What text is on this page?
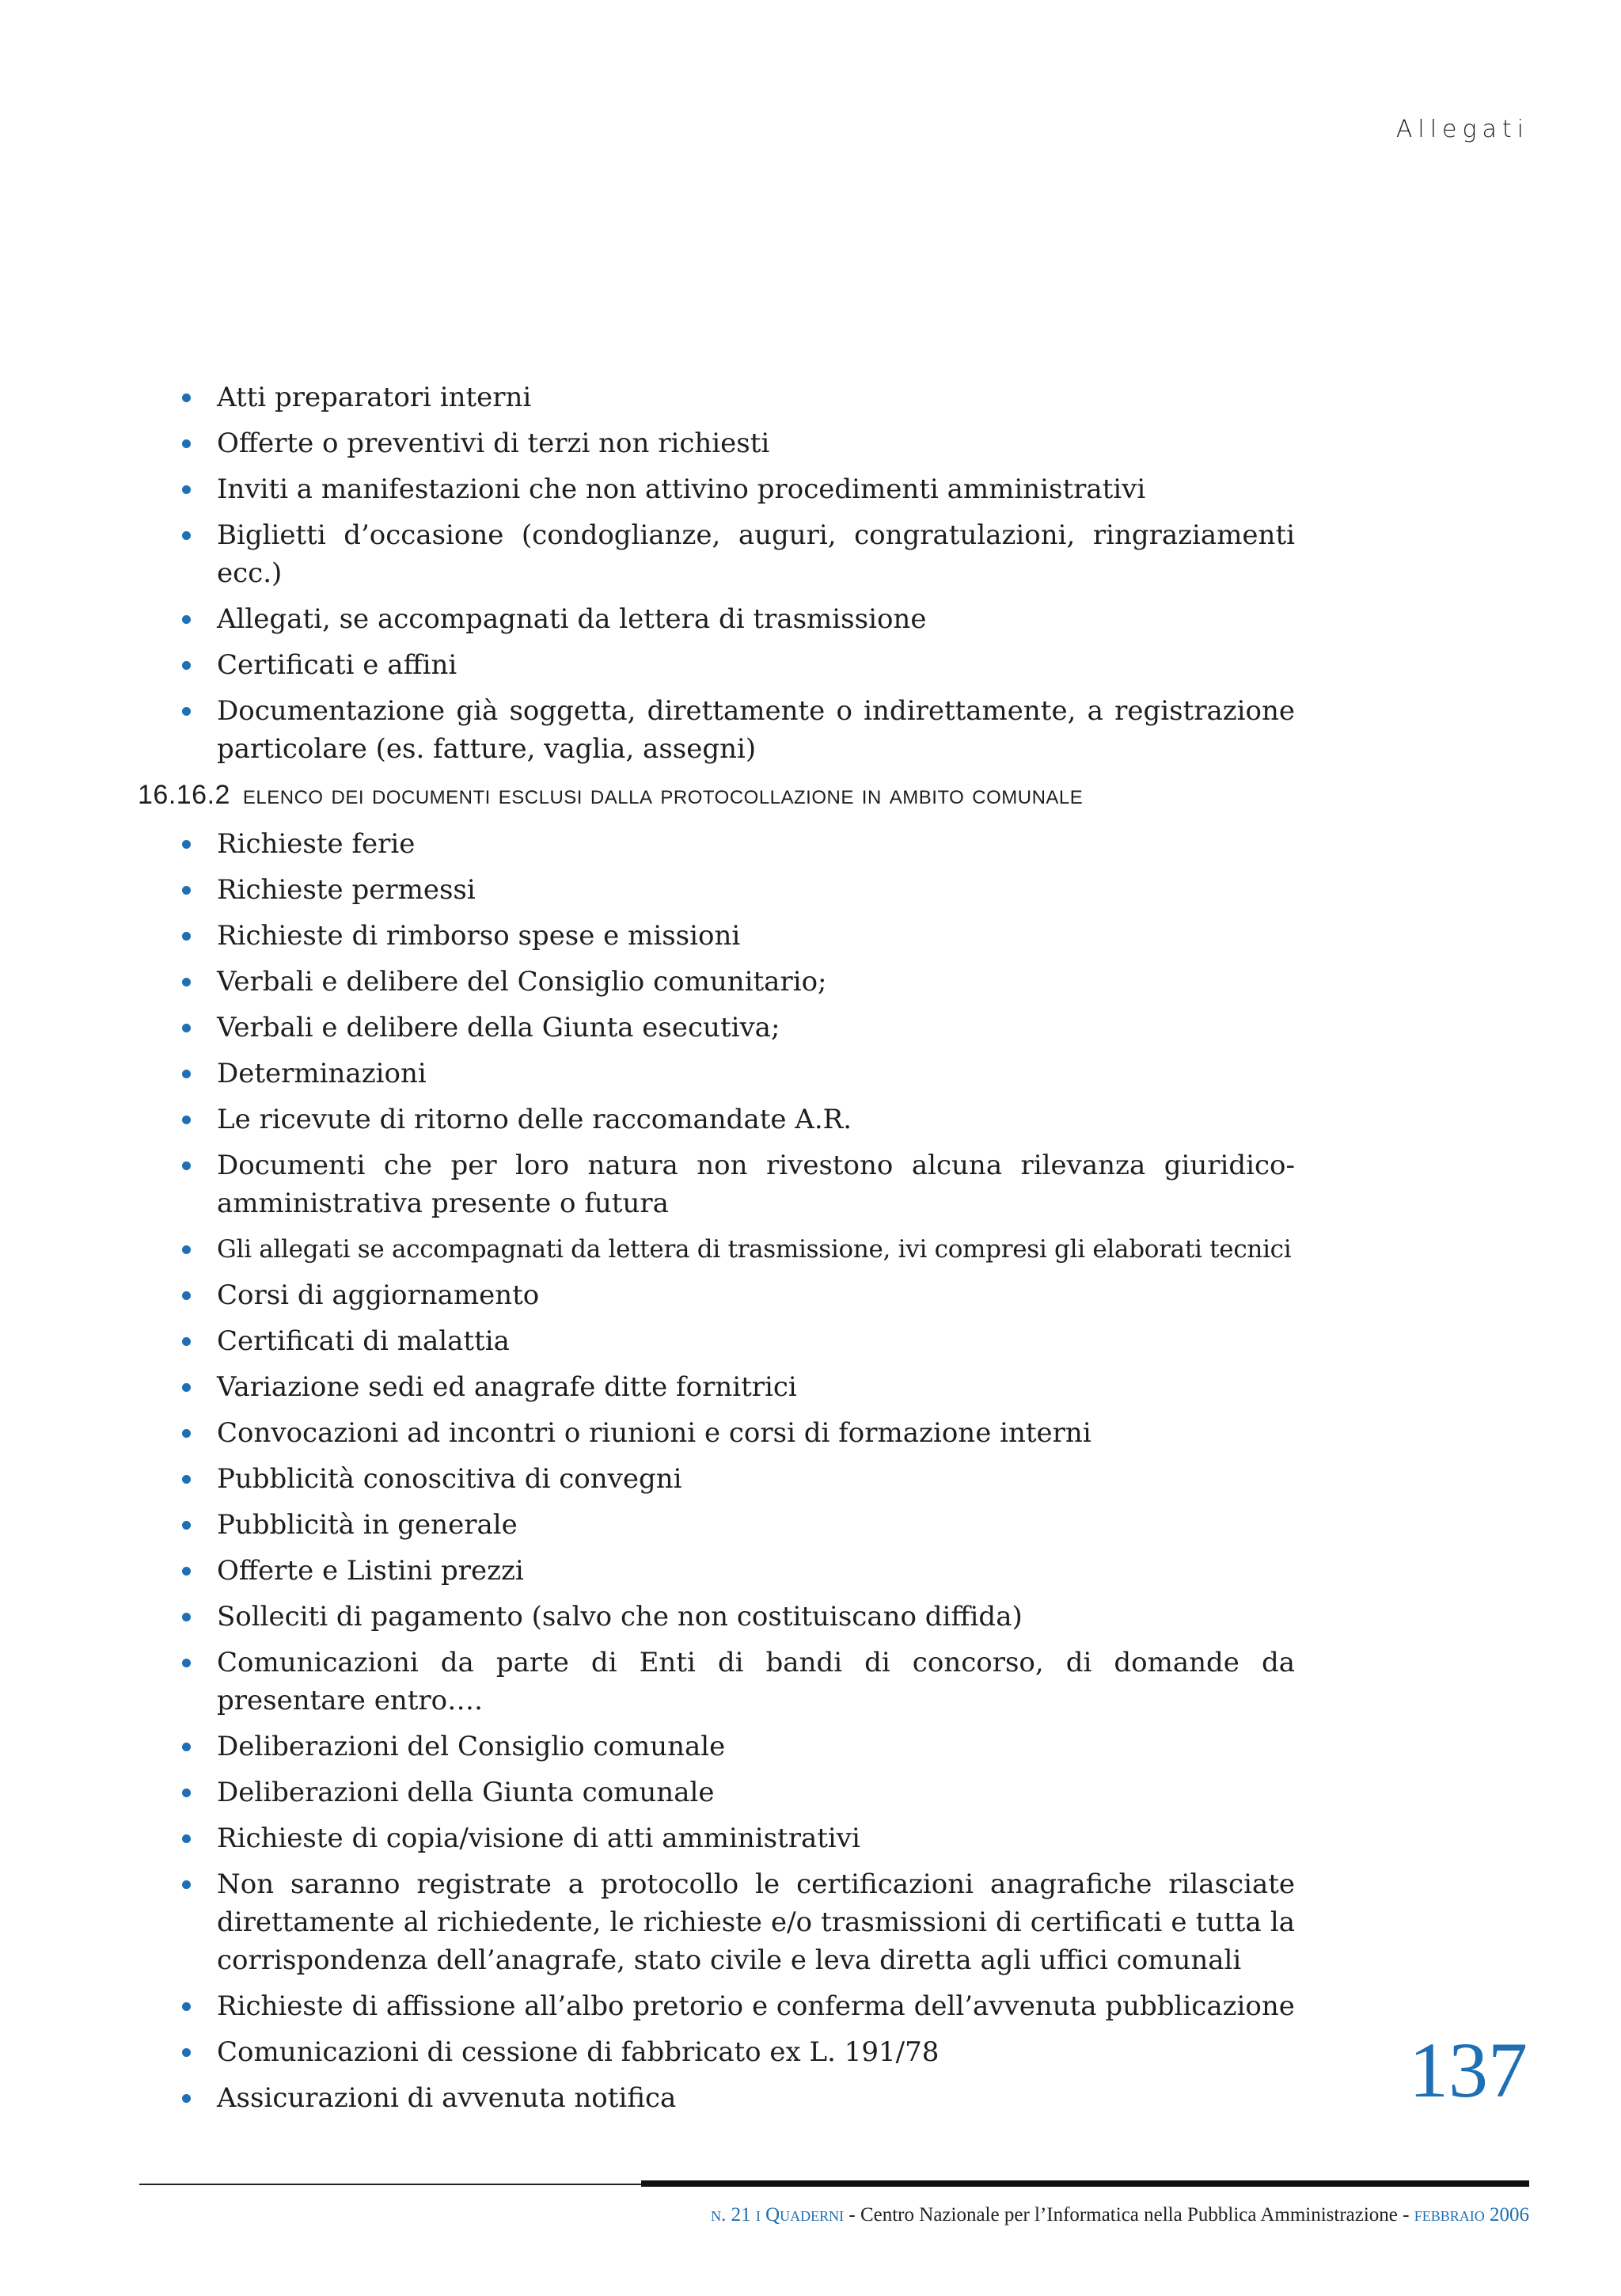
Allegati
Atti preparatori interni
Offerte o preventivi di terzi non richiesti
Inviti a manifestazioni che non attivino procedimenti amministrativi
Biglietti d’occasione (condoglianze, auguri, congratulazioni, ringraziamenti ecc.)
Allegati, se accompagnati da lettera di trasmissione
Certificati e affini
Documentazione già soggetta, direttamente o indirettamente, a registrazione particolare (es. fatture, vaglia, assegni)
16.16.2 elenco dei documenti esclusi dalla protocollazione in ambito comunale
Richieste ferie
Richieste permessi
Richieste di rimborso spese e missioni
Verbali e delibere del Consiglio comunitario;
Verbali e delibere della Giunta esecutiva;
Determinazioni
Le ricevute di ritorno delle raccomandate A.R.
Documenti che per loro natura non rivestono alcuna rilevanza giuridico-amministrativa presente o futura
Gli allegati se accompagnati da lettera di trasmissione, ivi compresi gli elaborati tecnici
Corsi di aggiornamento
Certificati di malattia
Variazione sedi ed anagrafe ditte fornitrici
Convocazioni ad incontri o riunioni e corsi di formazione interni
Pubblicità conoscitiva di convegni
Pubblicità in generale
Offerte e Listini prezzi
Solleciti di pagamento (salvo che non costituiscano diffida)
Comunicazioni da parte di Enti di bandi di concorso, di domande da presentare entro….
Deliberazioni del Consiglio comunale
Deliberazioni della Giunta comunale
Richieste di copia/visione di atti amministrativi
Non saranno registrate a protocollo le certificazioni anagrafiche rilasciate direttamente al richiedente, le richieste e/o trasmissioni di certificati e tutta la corrispondenza dell’anagrafe, stato civile e leva diretta agli uffici comunali
Richieste di affissione all’albo pretorio e conferma dell’avvenuta pubblicazione
Comunicazioni di cessione di fabbricato ex L. 191/78
Assicurazioni di avvenuta notifica	137
n. 21 i Quaderni - Centro Nazionale per l’Informatica nella Pubblica Amministrazione - febbraio 2006
